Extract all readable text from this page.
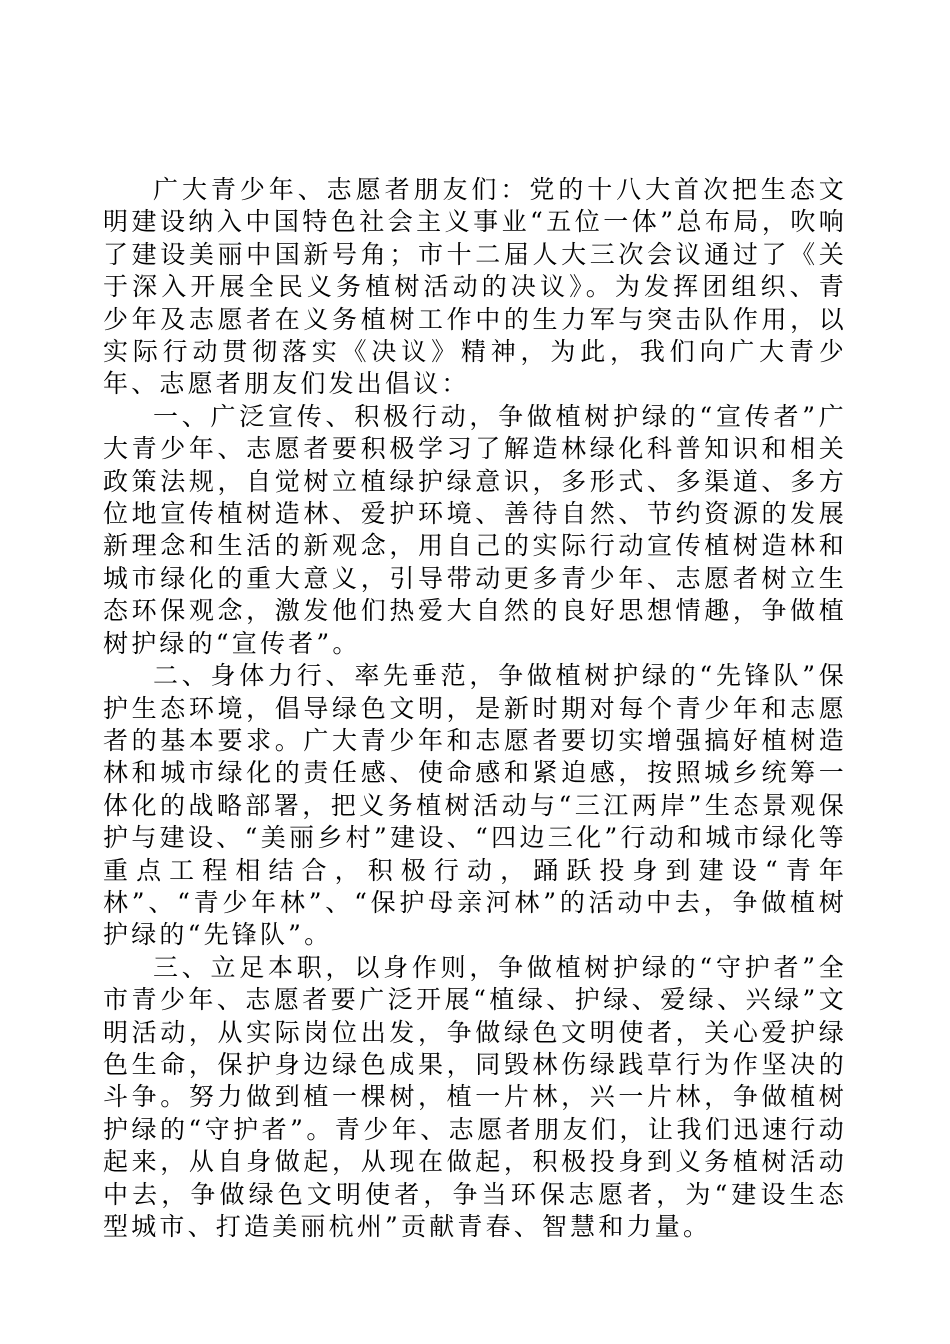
广大青少年、志愿者朋友们：党的十八大首次把生态文明建设纳入中国特色社会主义事业“五位一体”总布局，吹响了建设美丽中国新号角；市十二届人大三次会议通过了《关于深入开展全民义务植树活动的决议》。为发挥团组织、青少年及志愿者在义务植树工作中的生力军与突击队作用，以实际行动贯彻落实《决议》精神，为此，我们向广大青少年、志愿者朋友们发出倡议：

一、广泛宣传、积极行动，争做植树护绿的“宣传者”广大青少年、志愿者要积极学习了解造林绿化科普知识和相关政策法规，自觉树立植绿护绿意识，多形式、多渠道、多方位地宣传植树造林、爱护环境、善待自然、节约资源的发展新理念和生活的新观念，用自己的实际行动宣传植树造林和城市绿化的重大意义，引导带动更多青少年、志愿者树立生态环保观念，激发他们热爱大自然的良好思想情趣，争做植树护绿的“宣传者”。

二、身体力行、率先垂范，争做植树护绿的“先锋队”保护生态环境，倡导绿色文明，是新时期对每个青少年和志愿者的基本要求。广大青少年和志愿者要切实增强搞好植树造林和城市绿化的责任感、使命感和紧迫感，按照城乡统筹一体化的战略部署，把义务植树活动与“三江两岸”生态景观保护与建设、“美丽乡村”建设、“四边三化”行动和城市绿化等重点工程相结合，积极行动，踊跃投身到建设“青年林”、“青少年林”、“保护母亲河林”的活动中去，争做植树护绿的“先锋队”。

三、立足本职，以身作则，争做植树护绿的“守护者”全市青少年、志愿者要广泛开展“植绿、护绿、爱绿、兴绿”文明活动，从实际岗位出发，争做绿色文明使者，关心爱护绿色生命，保护身边绿色成果，同毁林伤绿践草行为作坚决的斗争。努力做到植一棵树，植一片林，兴一片林，争做植树护绿的“守护者”。青少年、志愿者朋友们，让我们迅速行动起来，从自身做起，从现在做起，积极投身到义务植树活动中去，争做绿色文明使者，争当环保志愿者，为“建设生态型城市、打造美丽杭州”贡献青春、智慧和力量。
